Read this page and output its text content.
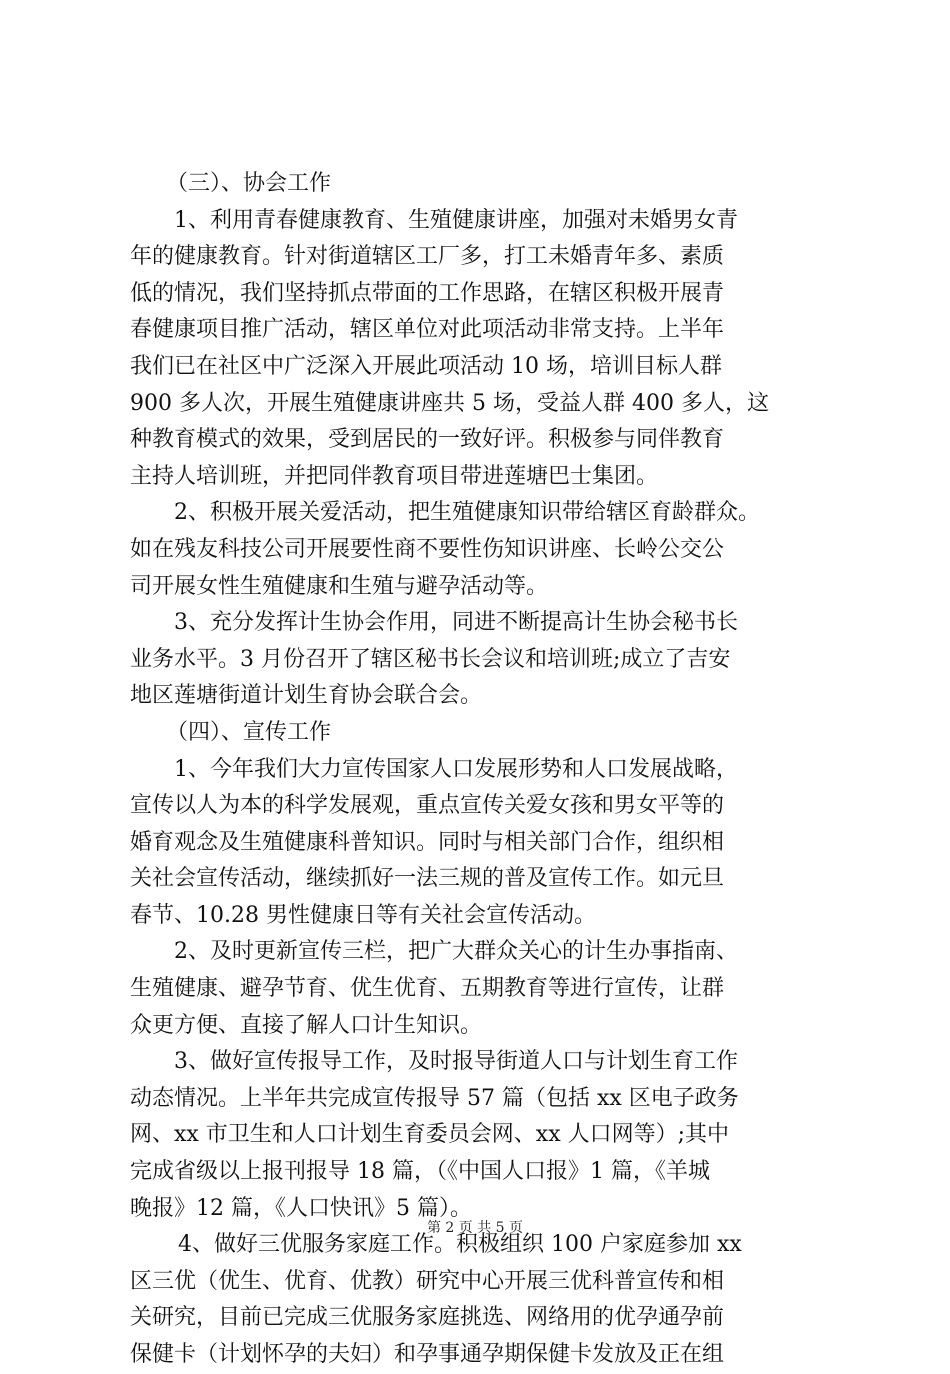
（三）、协会工作
1、利用青春健康教育、生殖健康讲座，加强对未婚男女青
年的健康教育。针对街道辖区工厂多，打工未婚青年多、素质
低的情况，我们坚持抓点带面的工作思路，在辖区积极开展青
春健康项目推广活动，辖区单位对此项活动非常支持。上半年
我们已在社区中广泛深入开展此项活动 10 场，培训目标人群
900 多人次，开展生殖健康讲座共 5 场，受益人群 400 多人，这
种教育模式的效果，受到居民的一致好评。积极参与同伴教育
主持人培训班，并把同伴教育项目带进莲塘巴士集团。
2、积极开展关爱活动，把生殖健康知识带给辖区育龄群众。
如在残友科技公司开展要性商不要性伤知识讲座、长岭公交公
司开展女性生殖健康和生殖与避孕活动等。
3、充分发挥计生协会作用，同进不断提高计生协会秘书长
业务水平。3 月份召开了辖区秘书长会议和培训班;成立了吉安
地区莲塘街道计划生育协会联合会。
（四）、宣传工作
1、今年我们大力宣传国家人口发展形势和人口发展战略，
宣传以人为本的科学发展观，重点宣传关爱女孩和男女平等的
婚育观念及生殖健康科普知识。同时与相关部门合作，组织相
关社会宣传活动，继续抓好一法三规的普及宣传工作。如元旦
春节、10.28 男性健康日等有关社会宣传活动。
2、及时更新宣传三栏，把广大群众关心的计生办事指南、
生殖健康、避孕节育、优生优育、五期教育等进行宣传，让群
众更方便、直接了解人口计生知识。
3、做好宣传报导工作，及时报导街道人口与计划生育工作
动态情况。上半年共完成宣传报导 57 篇（包括 xx 区电子政务
网、xx 市卫生和人口计划生育委员会网、xx 人口网等）;其中
完成省级以上报刊报导 18 篇，（《中国人口报》1 篇，《羊城
晚报》12 篇，《人口快讯》5 篇）。
4、做好三优服务家庭工作。积极组织 100 户家庭参加 xx
区三优（优生、优育、优教）研究中心开展三优科普宣传和相
关研究，目前已完成三优服务家庭挑选、网络用的优孕通孕前
保健卡（计划怀孕的夫妇）和孕事通孕期保健卡发放及正在组
第 2 页 共 5 页
